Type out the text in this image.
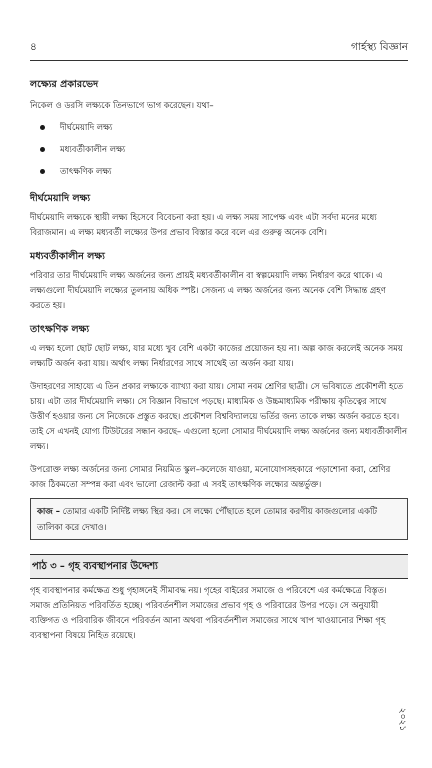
৪	গার্হস্থ্য বিজ্ঞান
লক্ষ্যের প্রকারভেদ

নিকেল ও ডরসি লক্ষ্যকে তিনভাগে ভাগ করেছেন। যথা–

দীর্ঘমেয়াদি লক্ষ্য
মধ্যবর্তীকালীন লক্ষ্য
তাৎক্ষণিক লক্ষ্য
দীর্ঘমেয়াদি লক্ষ্য

দীর্ঘমেয়াদি লক্ষ্যকে স্থায়ী লক্ষ্য হিসেবে বিবেচনা করা হয়। এ লক্ষ্য সময় সাপেক্ষ এবং এটা সর্বদা মনের মধ্যে বিরাজমান। এ লক্ষ্য মধ্যবর্তী লক্ষ্যের উপর প্রভাব বিস্তার করে বলে এর গুরুত্ব অনেক বেশি।

মধ্যবর্তীকালীন লক্ষ্য

পরিবার তার দীর্ঘমেয়াদি লক্ষ্য অর্জনের জন্য প্রায়ই মধ্যবর্তীকালীন বা স্বল্পমেয়াদি লক্ষ্য নির্ধারণ করে থাকে। এ লক্ষ্যগুলো দীর্ঘমেয়াদি লক্ষ্যের তুলনায় অধিক স্পষ্ট। সেজন্য এ লক্ষ্য অর্জনের জন্য অনেক বেশি সিদ্ধান্ত গ্রহণ করতে হয়।

তাৎক্ষণিক লক্ষ্য

এ লক্ষ্য হলো ছোট ছোট লক্ষ্য, যার মধ্যে খুব বেশি একটা কাজের প্রয়োজন হয় না। অল্প কাজ করলেই অনেক সময় লক্ষ্যটি অর্জন করা যায়। অর্থাৎ লক্ষ্য নির্ধারণের সাথে সাথেই তা অর্জন করা যায়।

উদাহরণের সাহায্যে এ তিন প্রকার লক্ষ্যকে ব্যাখ্যা করা যায়। সোমা নবম শ্রেণির ছাত্রী। সে ভবিষ্যতে প্রকৌশলী হতে চায়। এটা তার দীর্ঘমেয়াদি লক্ষ্য। সে বিজ্ঞান বিভাগে পড়ছে। মাধ্যমিক ও উচ্চমাধ্যমিক পরীক্ষায় কৃতিত্বের সাথে উত্তীর্ণ হওয়ার জন্য সে নিজেকে প্রস্তুত করছে। প্রকৌশল বিশ্ববিদ্যালয়ে ভর্তির জন্য তাকে লক্ষ্য অর্জন করতে হবে। তাই সে এখনই যোগ্য টিউটরের সন্ধান করছে– এগুলো হলো সোমার দীর্ঘমেয়াদি লক্ষ্য অর্জনের জন্য মধ্যবর্তীকালীন লক্ষ্য।

উপরোক্ত লক্ষ্য অর্জনের জন্য সোমার নিয়মিত স্কুল–কলেজে যাওয়া, মনোযোগসহকারে পড়াশোনা করা, শ্রেণির কাজ ঠিকমতো সম্পন্ন করা এবং ভালো রেজাল্ট করা এ সবই তাৎক্ষণিক লক্ষ্যের অন্তর্ভুক্ত।

কাজ – তোমার একটি নির্দিষ্ট লক্ষ্য স্থির কর। সে লক্ষ্যে পৌঁছাতে হলে তোমার করণীয় কাজগুলোর একটি তালিকা করে দেখাও।
পাঠ ৩ – গৃহ ব্যবস্থাপনার উদ্দেশ্য

গৃহ ব্যবস্থাপনার কর্মক্ষেত্র শুধু গৃহাঙ্গনেই সীমাবদ্ধ নয়। গৃহের বাইরের সমাজে ও পরিবেশে এর কর্মক্ষেত্রে বিস্তৃত। সমাজ প্রতিনিয়ত পরিবর্তিত হচ্ছে। পরিবর্তনশীল সমাজের প্রভাব গৃহ ও পরিবারের উপর পড়ে। সে অনুযায়ী ব্যক্তিগত ও পরিবারিক জীবনে পরিবর্তন আনা অথবা পরিবর্তনশীল সমাজের সাথে খাপ খাওয়ানোর শিক্ষা গৃহ ব্যবস্থাপনা বিষয়ে নিহিত রয়েছে।

২০২১
